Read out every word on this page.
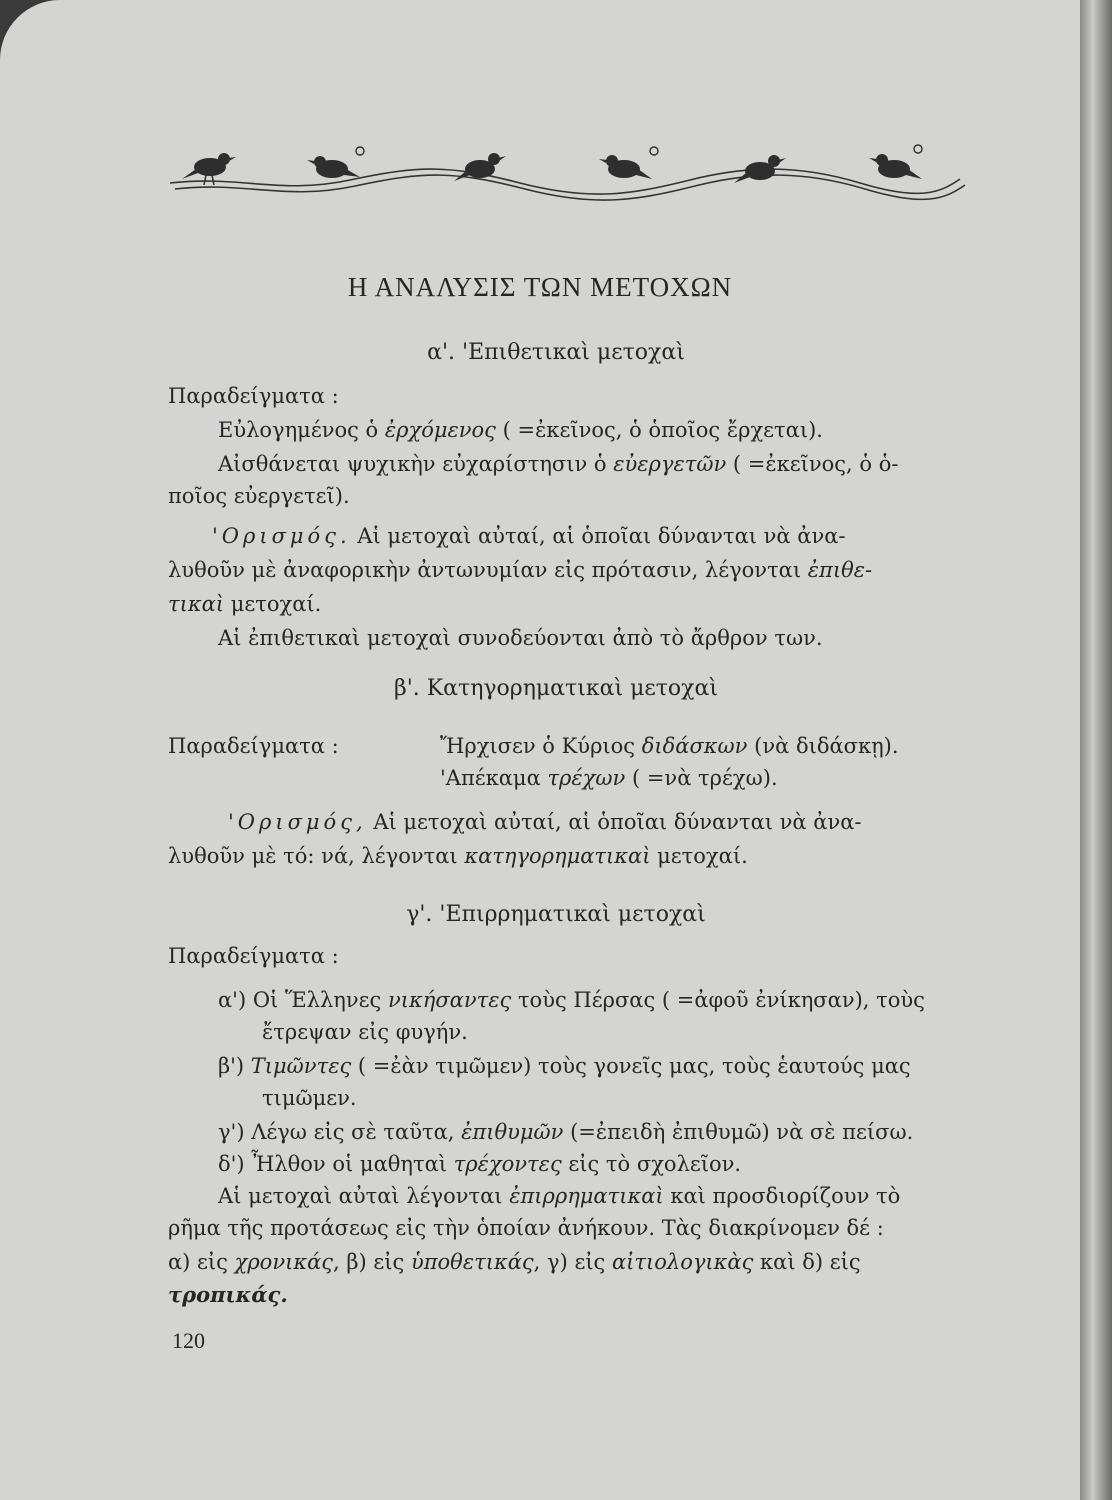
Η ΑΝΑΛΥΣΙΣ ΤΩΝ ΜΕΤΟΧΩΝ
α'. 'Επιθετικαὶ μετοχαὶ
Παραδείγματα :
Εὐλογημένος ὁ ἐρχόμενος ( =ἐκεῖνος, ὁ ὁποῖος ἔρχεται).
Αἰσθάνεται ψυχικὴν εὐχαρίστησιν ὁ εὐεργετῶν ( =ἐκεῖνος, ὁ ὁ-
ποῖος εὐεργετεῖ).
'Ορισμός. Αἱ μετοχαὶ αὐταί, αἱ ὁποῖαι δύνανται νὰ ἀνα-
λυθοῦν μὲ ἀναφορικὴν ἀντωνυμίαν εἰς πρότασιν, λέγονται ἐπιθε-
τικαὶ μετοχαί.
Αἱ ἐπιθετικαὶ μετοχαὶ συνοδεύονται ἀπὸ τὸ ἄρθρον των.
β'. Κατηγορηματικαὶ μετοχαὶ
Παραδείγματα :	Ἤρχισεν ὁ Κύριος διδάσκων (νὰ διδάσκῃ).
'Απέκαμα τρέχων ( =νὰ τρέχω).
'Ορισμός, Αἱ μετοχαὶ αὐταί, αἱ ὁποῖαι δύνανται νὰ ἀνα-
λυθοῦν μὲ τό: νά, λέγονται κατηγορηματικαὶ μετοχαί.
γ'. 'Επιρρηματικαὶ μετοχαὶ
Παραδείγματα :
α') Οἱ Ἕλληνες νικήσαντες τοὺς Πέρσας ( =ἀφοῦ ἐνίκησαν), τοὺς
ἔτρεψαν εἰς φυγήν.
β') Τιμῶντες ( =ἐὰν τιμῶμεν) τοὺς γονεῖς μας, τοὺς ἑαυτούς μας
τιμῶμεν.
γ') Λέγω εἰς σὲ ταῦτα, ἐπιθυμῶν (=ἐπειδὴ ἐπιθυμῶ) νὰ σὲ πείσω.
δ') Ἦλθον οἱ μαθηταὶ τρέχοντες εἰς τὸ σχολεῖον.
Αἱ μετοχαὶ αὐταὶ λέγονται ἐπιρρηματικαὶ καὶ προσδιορίζουν τὸ
ρῆμα τῆς προτάσεως εἰς τὴν ὁποίαν ἀνήκουν. Τὰς διακρίνομεν δέ :
α) εἰς χρονικάς, β) εἰς ὑποθετικάς, γ) εἰς αἰτιολογικὰς καὶ δ) εἰς
τροπικάς.
120
